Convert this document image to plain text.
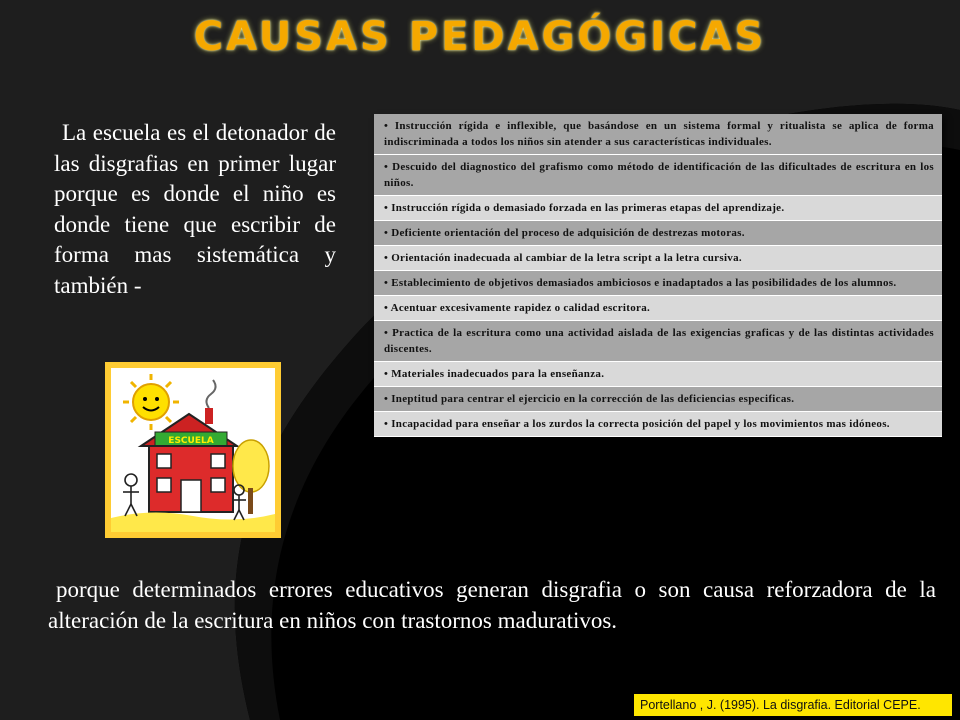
CAUSAS PEDAGÓGICAS
La escuela es el detonador de las disgrafias en primer lugar porque es donde el niño es donde tiene que escribir de forma mas sistemática y también -
ESCUELA
• Instrucción rígida e inflexible, que basándose en un sistema formal y ritualista se aplica de forma indiscriminada a todos los niños sin atender a sus características individuales.
• Descuido del diagnostico del grafismo como método de identificación de las dificultades de escritura en los niños.
• Instrucción rígida o demasiado forzada en las primeras etapas del aprendizaje.
• Deficiente orientación del proceso de adquisición de destrezas motoras.
• Orientación inadecuada al cambiar de la letra script a la letra cursiva.
• Establecimiento de objetivos demasiados ambiciosos e inadaptados a las posibilidades de los alumnos.
• Acentuar excesivamente rapidez o calidad escritora.
• Practica de la escritura como una actividad aislada de las exigencias graficas y de las distintas actividades discentes.
• Materiales inadecuados para la enseñanza.
• Ineptitud para centrar el ejercicio en la corrección de las deficiencias especificas.
• Incapacidad para enseñar a los zurdos la correcta posición del papel y los movimientos mas idóneos.
porque determinados errores educativos generan disgrafia o son causa reforzadora de la alteración de la escritura en niños con trastornos madurativos.
Portellano , J. (1995). La disgrafia. Editorial CEPE.
